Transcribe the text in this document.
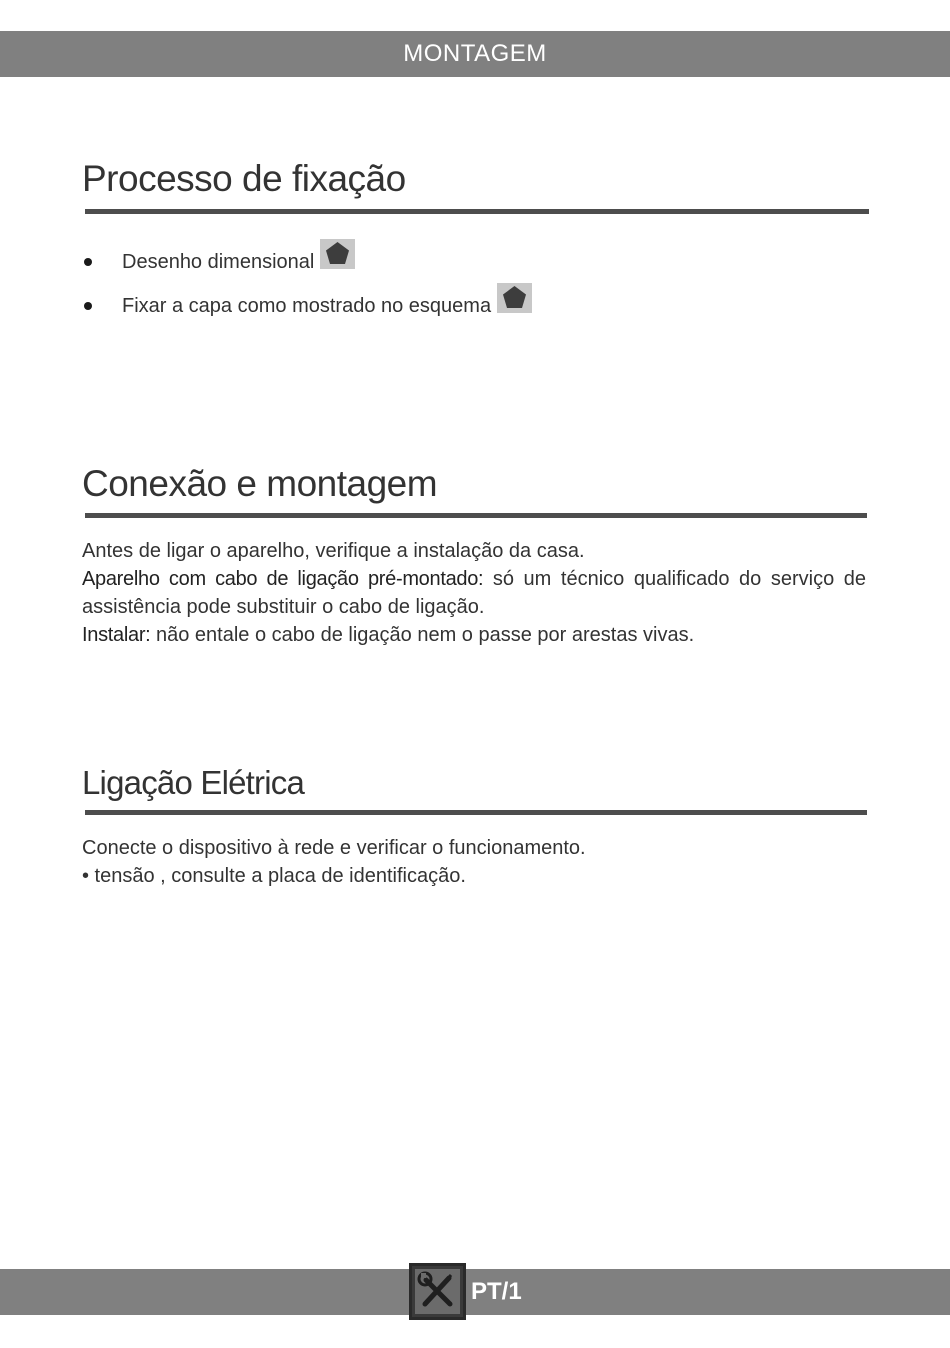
MONTAGEM
Processo de fixação
Desenho dimensional
Fixar a capa como mostrado no esquema
Conexão e montagem

Antes de ligar o aparelho, verifique a instalação da casa.
Aparelho com cabo de ligação pré-montado: só um técnico qualificado do serviço de assistência pode substituir o cabo de ligação.
Instalar: não entale o cabo de ligação nem o passe por arestas vivas.

Ligação Elétrica

Conecte o dispositivo à rede e verificar o funcionamento.
• tensão , consulte a placa de identificação.

PT/1
